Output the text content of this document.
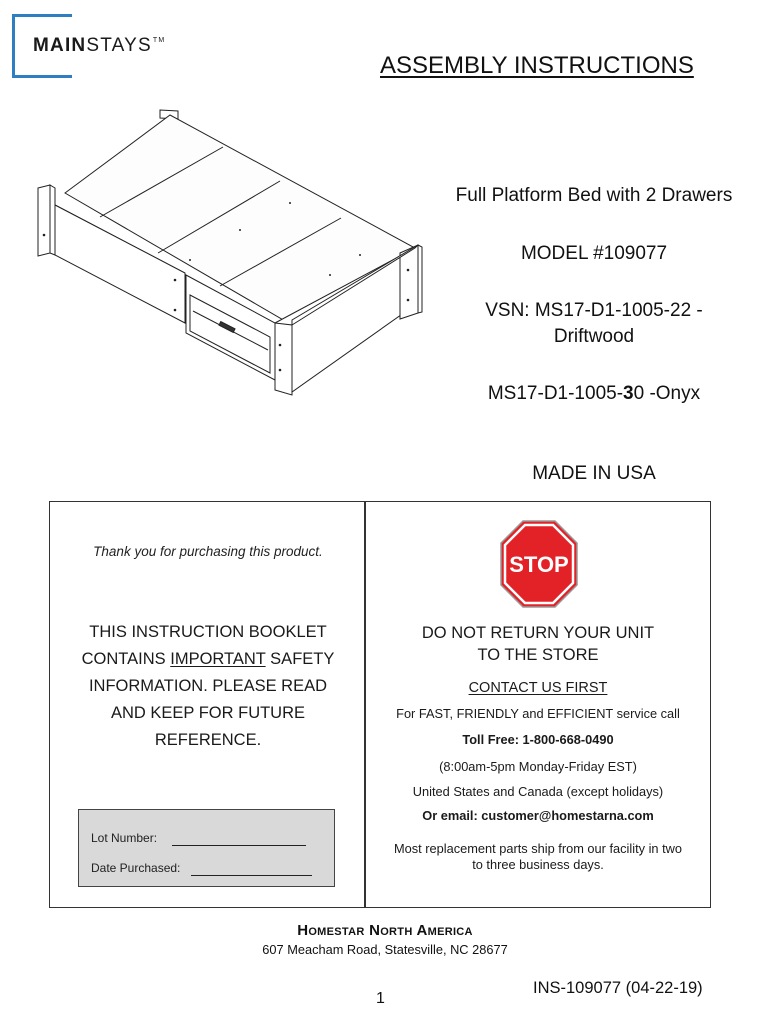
MAINSTAYS™
ASSEMBLY INSTRUCTIONS
Full Platform Bed with 2 Drawers
MODEL #109077
VSN: MS17-D1-1005-22 -
Driftwood
MS17-D1-1005-30 -Onyx
MADE IN USA
Thank you for purchasing this product.
THIS INSTRUCTION BOOKLET
CONTAINS IMPORTANT SAFETY
INFORMATION. PLEASE READ
AND KEEP FOR FUTURE
REFERENCE.
Lot Number:
Date Purchased:
STOP
DO NOT RETURN YOUR UNIT
TO THE STORE
CONTACT US FIRST
For FAST, FRIENDLY and EFFICIENT service call
Toll Free: 1-800-668-0490
(8:00am-5pm Monday-Friday EST)
United States and Canada (except holidays)
Or email: customer@homestarna.com
Most replacement parts ship from our facility in two
to three business days.
Homestar North America
607 Meacham Road, Statesville, NC 28677
INS-109077 (04-22-19)
1
